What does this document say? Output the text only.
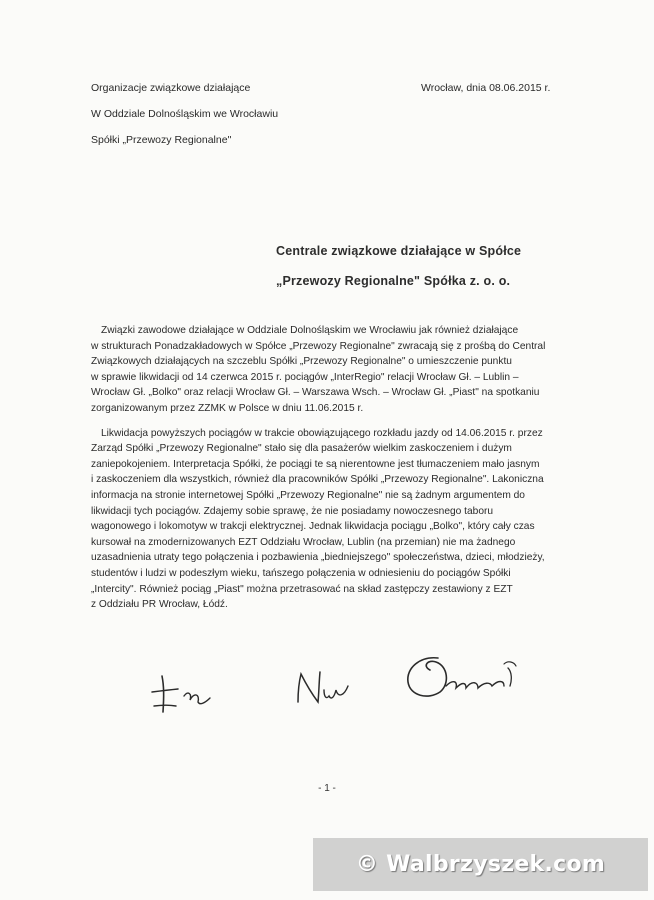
Organizacje związkowe działające
W Oddziale Dolnośląskim we Wrocławiu
Spółki „Przewozy Regionalne"
Wrocław, dnia 08.06.2015 r.
Centrale związkowe działające w Spółce
„Przewozy Regionalne" Spółka z. o. o.

Związki zawodowe działające w Oddziale Dolnośląskim we Wrocławiu jak również działające
w strukturach Ponadzakładowych w Spółce „Przewozy Regionalne" zwracają się z prośbą do Central
Związkowych działających na szczeblu Spółki „Przewozy Regionalne" o umieszczenie punktu
w sprawie likwidacji od 14 czerwca 2015 r. pociągów „InterRegio" relacji Wrocław Gł. – Lublin –
Wrocław Gł. „Bolko" oraz relacji Wrocław Gł. – Warszawa Wsch. – Wrocław Gł. „Piast" na spotkaniu
zorganizowanym przez ZZMK w Polsce w dniu 11.06.2015 r.

Likwidacja powyższych pociągów w trakcie obowiązującego rozkładu jazdy od 14.06.2015 r. przez
Zarząd Spółki „Przewozy Regionalne" stało się dla pasażerów wielkim zaskoczeniem i dużym
zaniepokojeniem. Interpretacja Spółki, że pociągi te są nierentowne jest tłumaczeniem mało jasnym
i zaskoczeniem dla wszystkich, również dla pracowników Spółki „Przewozy Regionalne". Lakoniczna
informacja na stronie internetowej Spółki „Przewozy Regionalne" nie są żadnym argumentem do
likwidacji tych pociągów. Zdajemy sobie sprawę, że nie posiadamy nowoczesnego taboru
wagonowego i lokomotyw w trakcji elektrycznej. Jednak likwidacja pociągu „Bolko", który cały czas
kursował na zmodernizowanych EZT Oddziału Wrocław, Lublin (na przemian) nie ma żadnego
uzasadnienia utraty tego połączenia i pozbawienia „biedniejszego" społeczeństwa, dzieci, młodzieży,
studentów i ludzi w podeszłym wieku, tańszego połączenia w odniesieniu do pociągów Spółki
„Intercity". Również pociąg „Piast" można przetrasować na skład zastępczy zestawiony z EZT
z Oddziału PR Wrocław, Łódź.

- 1 -
© Walbrzyszek.com
